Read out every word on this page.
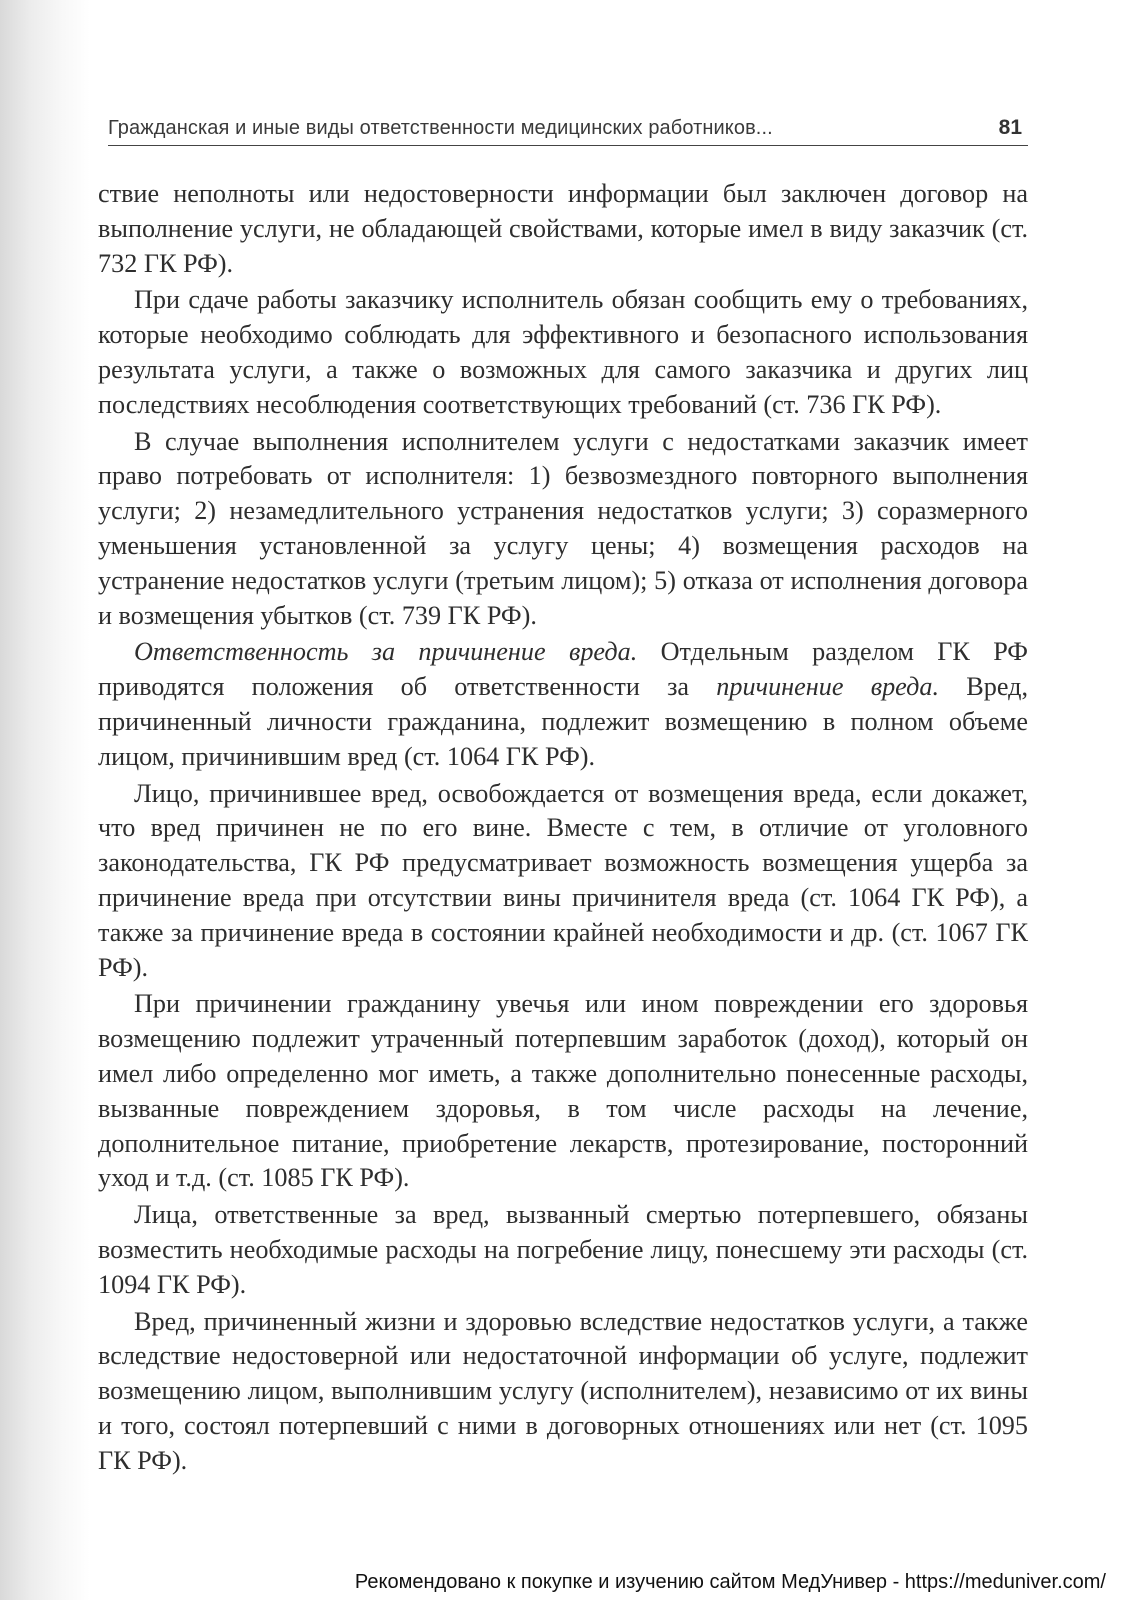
Гражданская и иные виды ответственности медицинских работников...	81

ствие неполноты или недостоверности информации был заключен договор на выполнение услуги, не обладающей свойствами, которые имел в виду заказчик (ст. 732 ГК РФ).

При сдаче работы заказчику исполнитель обязан сообщить ему о требованиях, которые необходимо соблюдать для эффективного и безопасного использования результата услуги, а также о возможных для самого заказчика и других лиц последствиях несоблюдения соответствующих требований (ст. 736 ГК РФ).

В случае выполнения исполнителем услуги с недостатками заказчик имеет право потребовать от исполнителя: 1) безвозмездного повторного выполнения услуги; 2) незамедлительного устранения недостатков услуги; 3) соразмерного уменьшения установленной за услугу цены; 4) возмещения расходов на устранение недостатков услуги (третьим лицом); 5) отказа от исполнения договора и возмещения убытков (ст. 739 ГК РФ).

Ответственность за причинение вреда. Отдельным разделом ГК РФ приводятся положения об ответственности за причинение вреда. Вред, причиненный личности гражданина, подлежит возмещению в полном объеме лицом, причинившим вред (ст. 1064 ГК РФ).

Лицо, причинившее вред, освобождается от возмещения вреда, если докажет, что вред причинен не по его вине. Вместе с тем, в отличие от уголовного законодательства, ГК РФ предусматривает возможность возмещения ущерба за причинение вреда при отсутствии вины причинителя вреда (ст. 1064 ГК РФ), а также за причинение вреда в состоянии крайней необходимости и др. (ст. 1067 ГК РФ).

При причинении гражданину увечья или ином повреждении его здоровья возмещению подлежит утраченный потерпевшим заработок (доход), который он имел либо определенно мог иметь, а также дополнительно понесенные расходы, вызванные повреждением здоровья, в том числе расходы на лечение, дополнительное питание, приобретение лекарств, протезирование, посторонний уход и т.д. (ст. 1085 ГК РФ).

Лица, ответственные за вред, вызванный смертью потерпевшего, обязаны возместить необходимые расходы на погребение лицу, понесшему эти расходы (ст. 1094 ГК РФ).

Вред, причиненный жизни и здоровью вследствие недостатков услуги, а также вследствие недостоверной или недостаточной информации об услуге, подлежит возмещению лицом, выполнившим услугу (исполнителем), независимо от их вины и того, состоял потерпевший с ними в договорных отношениях или нет (ст. 1095 ГК РФ).

Рекомендовано к покупке и изучению сайтом МедУнивер - https://meduniver.com/
